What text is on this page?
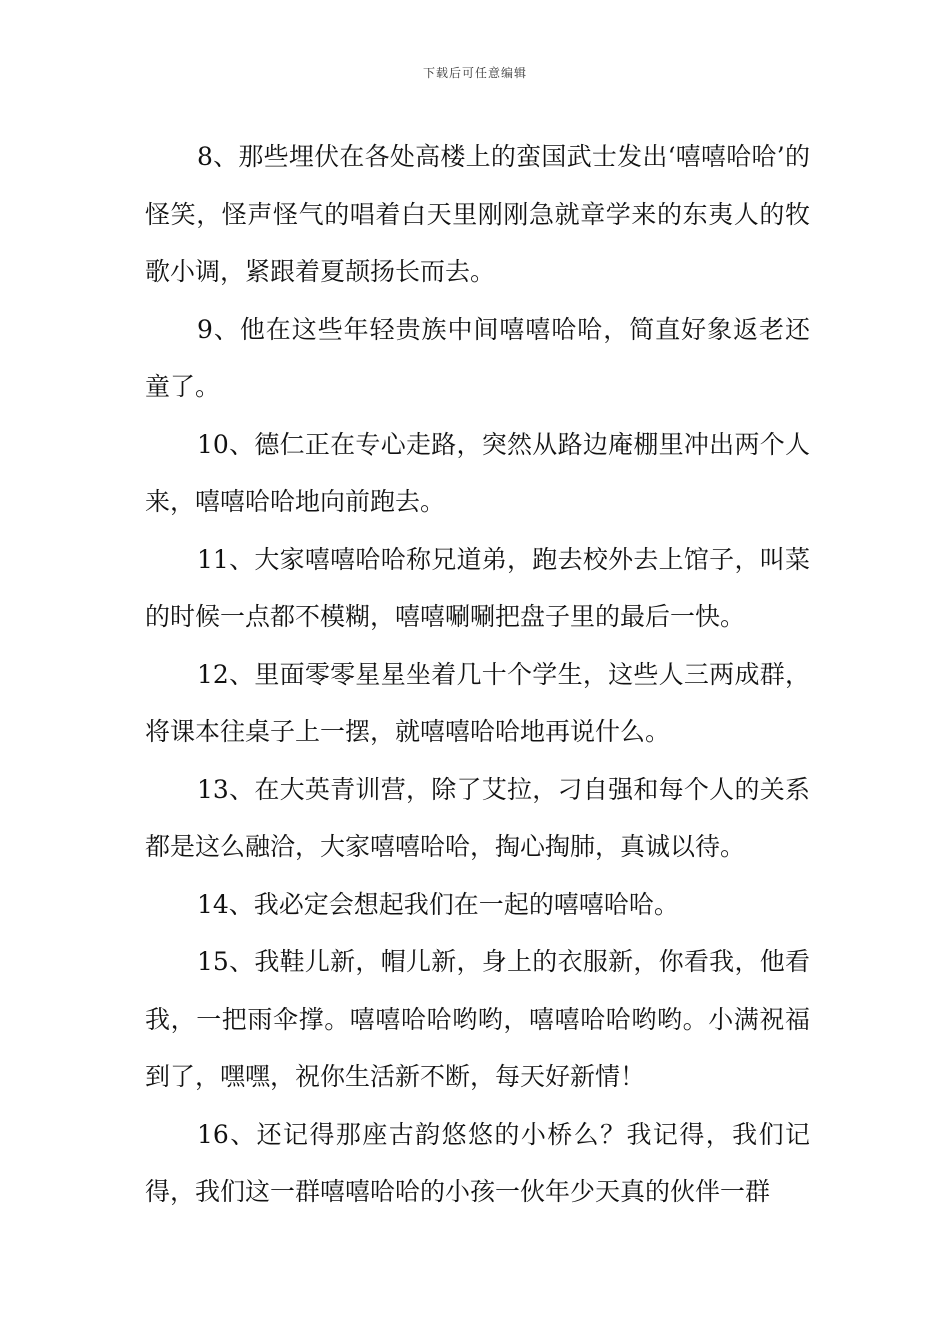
下载后可任意编辑

8、那些埋伏在各处高楼上的蛮国武士发出‘嘻嘻哈哈’的怪笑，怪声怪气的唱着白天里刚刚急就章学来的东夷人的牧歌小调，紧跟着夏颉扬长而去。

9、他在这些年轻贵族中间嘻嘻哈哈，简直好象返老还童了。

10、德仁正在专心走路，突然从路边庵棚里冲出两个人来，嘻嘻哈哈地向前跑去。

11、大家嘻嘻哈哈称兄道弟，跑去校外去上馆子，叫菜的时候一点都不模糊，嘻嘻唰唰把盘子里的最后一快。

12、里面零零星星坐着几十个学生，这些人三两成群，将课本往桌子上一摆，就嘻嘻哈哈地再说什么。

13、在大英青训营，除了艾拉，刁自强和每个人的关系都是这么融洽，大家嘻嘻哈哈，掏心掏肺，真诚以待。

14、我必定会想起我们在一起的嘻嘻哈哈。

15、我鞋儿新，帽儿新，身上的衣服新，你看我，他看我，一把雨伞撑。嘻嘻哈哈哟哟，嘻嘻哈哈哟哟。小满祝福到了，嘿嘿，祝你生活新不断，每天好新情！

16、还记得那座古韵悠悠的小桥么？我记得，我们记得，我们这一群嘻嘻哈哈的小孩一伙年少天真的伙伴一群
